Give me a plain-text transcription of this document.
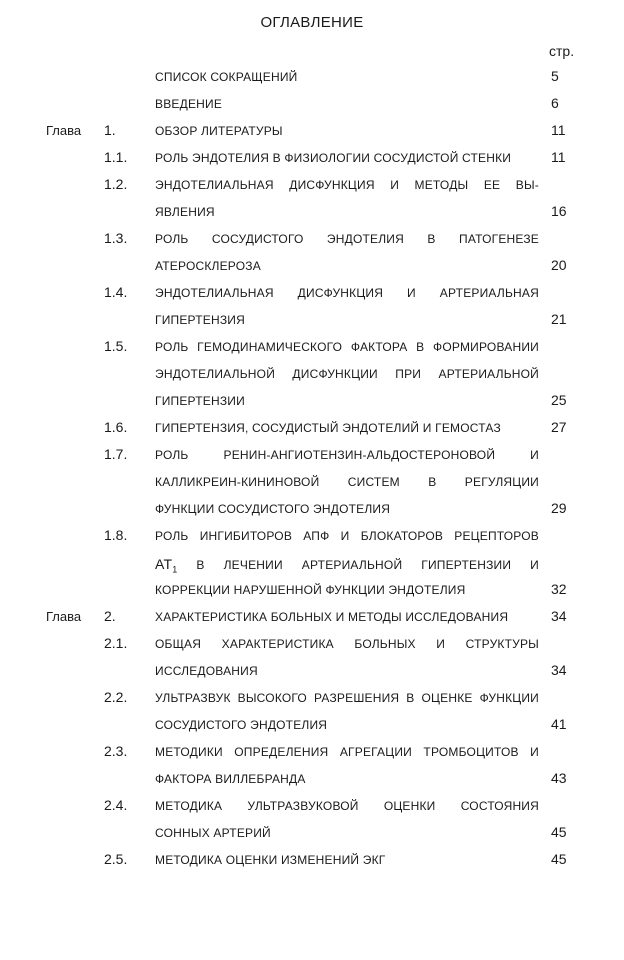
ОГЛАВЛЕНИЕ
стр.
СПИСОК СОКРАЩЕНИЙ	5
ВВЕДЕНИЕ	6
Глава 1.	ОБЗОР ЛИТЕРАТУРЫ	11
1.1. РОЛЬ ЭНДОТЕЛИЯ В ФИЗИОЛОГИИ СОСУДИСТОЙ СТЕНКИ	11
1.2. ЭНДОТЕЛИАЛЬНАЯ ДИСФУНКЦИЯ И МЕТОДЫ ЕЕ ВЫ-
ЯВЛЕНИЯ	16
1.3. РОЛЬ СОСУДИСТОГО ЭНДОТЕЛИЯ В ПАТОГЕНЕЗЕ
АТЕРОСКЛЕРОЗА	20
1.4. ЭНДОТЕЛИАЛЬНАЯ ДИСФУНКЦИЯ И АРТЕРИАЛЬНАЯ
ГИПЕРТЕНЗИЯ	21
1.5. РОЛЬ ГЕМОДИНАМИЧЕСКОГО ФАКТОРА В ФОРМИРОВАНИИ
ЭНДОТЕЛИАЛЬНОЙ ДИСФУНКЦИИ ПРИ АРТЕРИАЛЬНОЙ
ГИПЕРТЕНЗИИ	25
1.6. ГИПЕРТЕНЗИЯ, СОСУДИСТЫЙ ЭНДОТЕЛИЙ И ГЕМОСТАЗ	27
1.7. РОЛЬ РЕНИН-АНГИОТЕНЗИН-АЛЬДОСТЕРОНОВОЙ И
КАЛЛИКРЕИН-КИНИНОВОЙ СИСТЕМ В РЕГУЛЯЦИИ
ФУНКЦИИ СОСУДИСТОГО ЭНДОТЕЛИЯ	29
1.8. РОЛЬ ИНГИБИТОРОВ АПФ И БЛОКАТОРОВ РЕЦЕПТОРОВ
$АТ_1$ В ЛЕЧЕНИИ АРТЕРИАЛЬНОЙ ГИПЕРТЕНЗИИ И
КОРРЕКЦИИ НАРУШЕННОЙ ФУНКЦИИ ЭНДОТЕЛИЯ	32
Глава 2.	ХАРАКТЕРИСТИКА БОЛЬНЫХ И МЕТОДЫ ИССЛЕДОВАНИЯ	34
2.1. ОБЩАЯ ХАРАКТЕРИСТИКА БОЛЬНЫХ И СТРУКТУРЫ
ИССЛЕДОВАНИЯ	34
2.2. УЛЬТРАЗВУК ВЫСОКОГО РАЗРЕШЕНИЯ В ОЦЕНКЕ ФУНКЦИИ
СОСУДИСТОГО ЭНДОТЕЛИЯ	41
2.3. МЕТОДИКИ ОПРЕДЕЛЕНИЯ АГРЕГАЦИИ ТРОМБОЦИТОВ И
ФАКТОРА ВИЛЛЕБРАНДА	43
2.4. МЕТОДИКА УЛЬТРАЗВУКОВОЙ ОЦЕНКИ СОСТОЯНИЯ
СОННЫХ АРТЕРИЙ	45
2.5. МЕТОДИКА ОЦЕНКИ ИЗМЕНЕНИЙ ЭКГ	45
